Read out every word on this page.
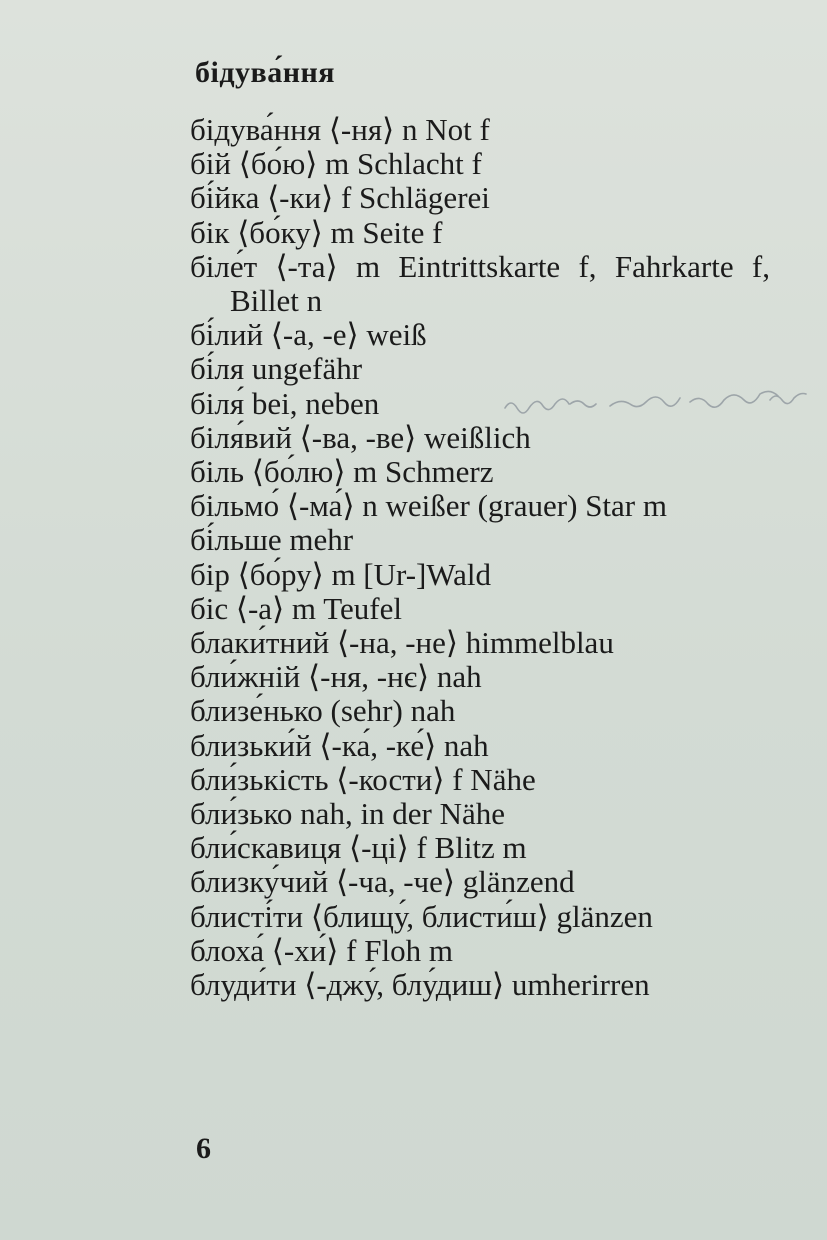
бідува́ння
бідува́ння ⟨-ня⟩ n Not f
бій ⟨бо́ю⟩ m Schlacht f
бі́йка ⟨-ки⟩ f Schlägerei
бік ⟨бо́ку⟩ m Seite f
біле́т ⟨-та⟩ m Eintrittskarte f, Fahrkarte f, Billet n
бі́лий ⟨-а, -е⟩ weiß
бі́ля ungefähr
біля́ bei, neben
біля́вий ⟨-ва, -ве⟩ weißlich
біль ⟨бо́лю⟩ m Schmerz
більмо́ ⟨-ма́⟩ n weißer (grauer) Star m
бі́льше mehr
бір ⟨бо́ру⟩ m [Ur-]Wald
біс ⟨-а⟩ m Teufel
блаки́тний ⟨-на, -не⟩ himmelblau
бли́жній ⟨-ня, -нє⟩ nah
близе́нько (sehr) nah
близьки́й ⟨-ка́, -ке́⟩ nah
бли́зькість ⟨-кости⟩ f Nähe
бли́зько nah, in der Nähe
бли́скавиця ⟨-ці⟩ f Blitz m
близку́чий ⟨-ча, -че⟩ glänzend
блисті́ти ⟨блищу́, блисти́ш⟩ glänzen
блоха́ ⟨-хи́⟩ f Floh m
блуди́ти ⟨-джу́, блу́диш⟩ umherirren
6
